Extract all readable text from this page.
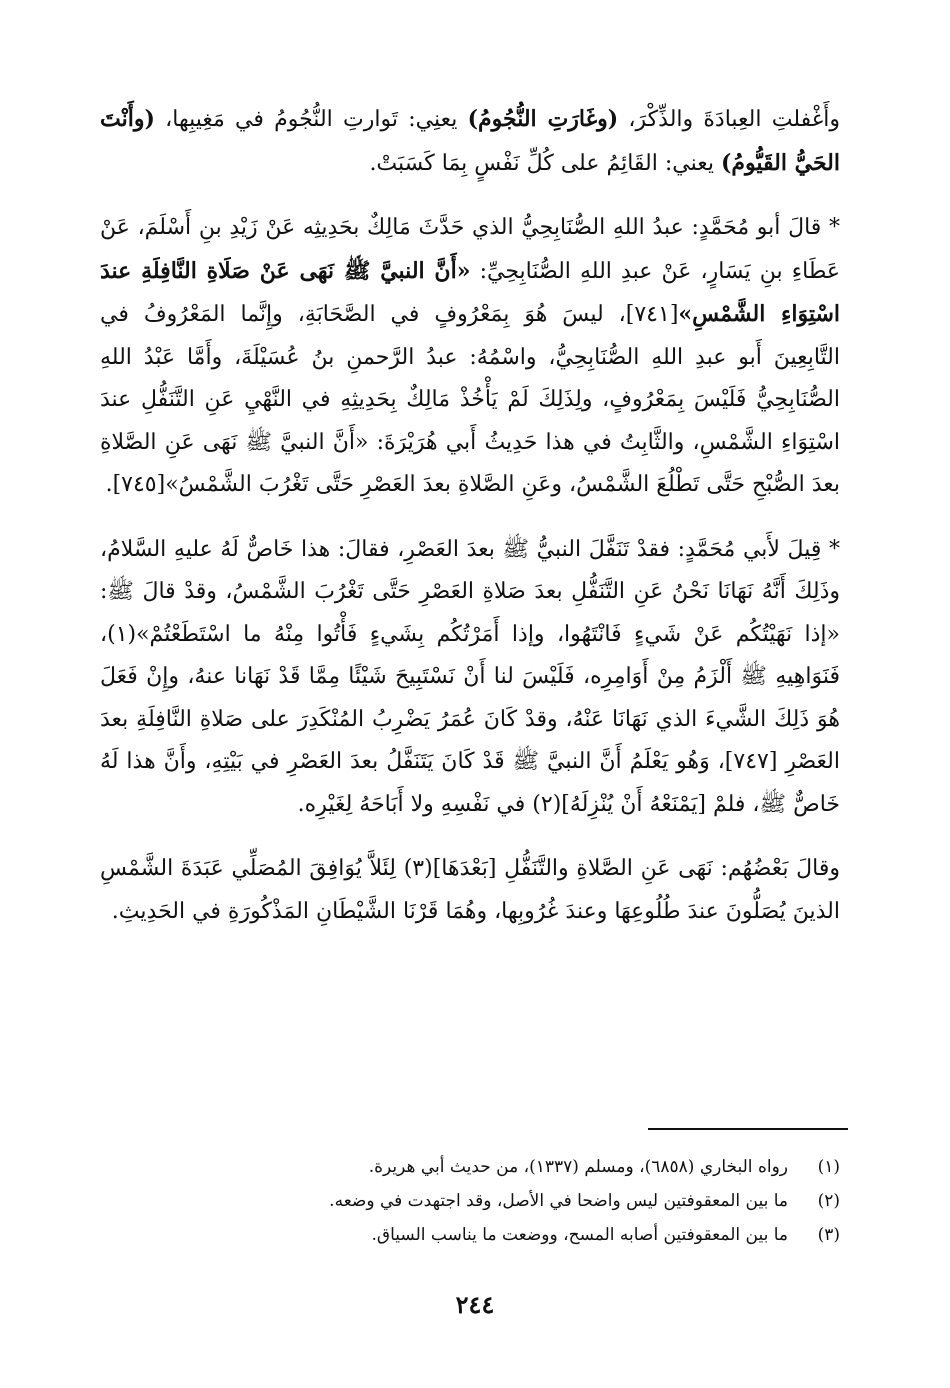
وأَغْفلتِ العِبادَةَ والذِّكْرَ، (وغَارَتِ النُّجُومُ) يعنِي: تَوارتِ النُّجُومُ في مَغِيبِها، (وأَنْتَ الحَيُّ القَيُّومُ) يعني: القَائِمُ على كُلِّ نَفْسٍ بِمَا كَسَبَتْ.

* قالَ أبو مُحَمَّدٍ: عبدُ اللهِ الصُّنَابِحِيُّ الذي حَدَّثَ مَالِكٌ بحَدِيثِه عَنْ زَيْدِ بنِ أَسْلَمَ، عَنْ عَطَاءِ بنِ يَسَارٍ، عَنْ عبدِ اللهِ الصُّنَابِحِيِّ: «أَنَّ النبيَّ ﷺ نَهَى عَنْ صَلَاةِ النَّافِلَةِ عندَ اسْتِوَاءِ الشَّمْسِ»[٧٤١]، ليسَ هُوَ بِمَعْرُوفٍ في الصَّحَابَةِ، وإِنَّما المَعْرُوفُ في التَّابِعِينَ أَبو عبدِ اللهِ الصُّنَابِحِيُّ، واسْمُهُ: عبدُ الرَّحمنِ بنُ عُسَيْلَةَ، وأَمَّا عَبْدُ اللهِ الصُّنَابِحِيُّ فَلَيْسَ بِمَعْرُوفٍ، ولِذَلِكَ لَمْ يَأْخُذْ مَالِكٌ بِحَدِيثِهِ في النَّهْيِ عَنِ التَّنَفُّلِ عندَ اسْتِوَاءِ الشَّمْسِ، والثَّابِتُ في هذا حَدِيثُ أَبي هُرَيْرَةَ: «أَنَّ النبيَّ ﷺ نَهَى عَنِ الصَّلاةِ بعدَ الصُّبْحِ حَتَّى تَطْلُعَ الشَّمْسُ، وعَنِ الصَّلاةِ بعدَ العَصْرِ حَتَّى تَغْرُبَ الشَّمْسُ»[٧٤٥].

* قِيلَ لأَبي مُحَمَّدٍ: فقدْ تَنَفَّلَ النبيُّ ﷺ بعدَ العَصْرِ، فقالَ: هذا خَاصٌّ لَهُ عليهِ السَّلامُ، وذَلِكَ أَنَّهُ نَهَانَا نَحْنُ عَنِ التَّنَفُّلِ بعدَ صَلاةِ العَصْرِ حَتَّى تَغْرُبَ الشَّمْسُ، وقدْ قالَ ﷺ: «إذا نَهَيْتُكُم عَنْ شَيءٍ فَانْتَهُوا، وإذا أَمَرْتُكُم بِشَيءٍ فَأْتُوا مِنْهُ ما اسْتَطَعْتُمْ»(١)، فَنَوَاهِيهِ ﷺ أَلْزَمُ مِنْ أَوَامِرِه، فَلَيْسَ لنا أَنْ نَسْتَبِيحَ شَيْئًا مِمَّا قَدْ نَهَانا عنهُ، وإِنْ فَعَلَ هُوَ ذَلِكَ الشَّيءَ الذي نَهَانَا عَنْهُ، وقدْ كَانَ عُمَرُ يَضْرِبُ المُنْكَدِرَ على صَلاةِ النَّافِلَةِ بعدَ العَصْرِ [٧٤٧]، وَهُو يَعْلَمُ أَنَّ النبيَّ ﷺ قَدْ كَانَ يَتَنَفَّلُ بعدَ العَصْرِ في بَيْتِهِ، وأَنَّ هذا لَهُ خَاصٌّ ﷺ، فلمْ [يَمْنَعْهُ أَنْ يُنْزِلَهُ](٢) في نَفْسِهِ ولا أَبَاحَهُ لِغَيْرِه.

وقالَ بَعْضُهُم: نَهَى عَنِ الصَّلاةِ والتَّنَفُّلِ [بَعْدَهَا](٣) لِئَلاَّ يُوَافِقَ المُصَلِّي عَبَدَةَ الشَّمْسِ الذينَ يُصَلُّونَ عندَ طُلُوعِهَا وعندَ غُرُوبِها، وهُمَا قَرْنَا الشَّيْطَانِ المَذْكُورَةِ في الحَدِيثِ.

(١)
رواه البخاري (٦٨٥٨)، ومسلم (١٣٣٧)، من حديث أبي هريرة.
(٢)
ما بين المعقوفتين ليس واضحا في الأصل، وقد اجتهدت في وضعه.
(٣)
ما بين المعقوفتين أصابه المسح، ووضعت ما يناسب السياق.
٢٤٤
